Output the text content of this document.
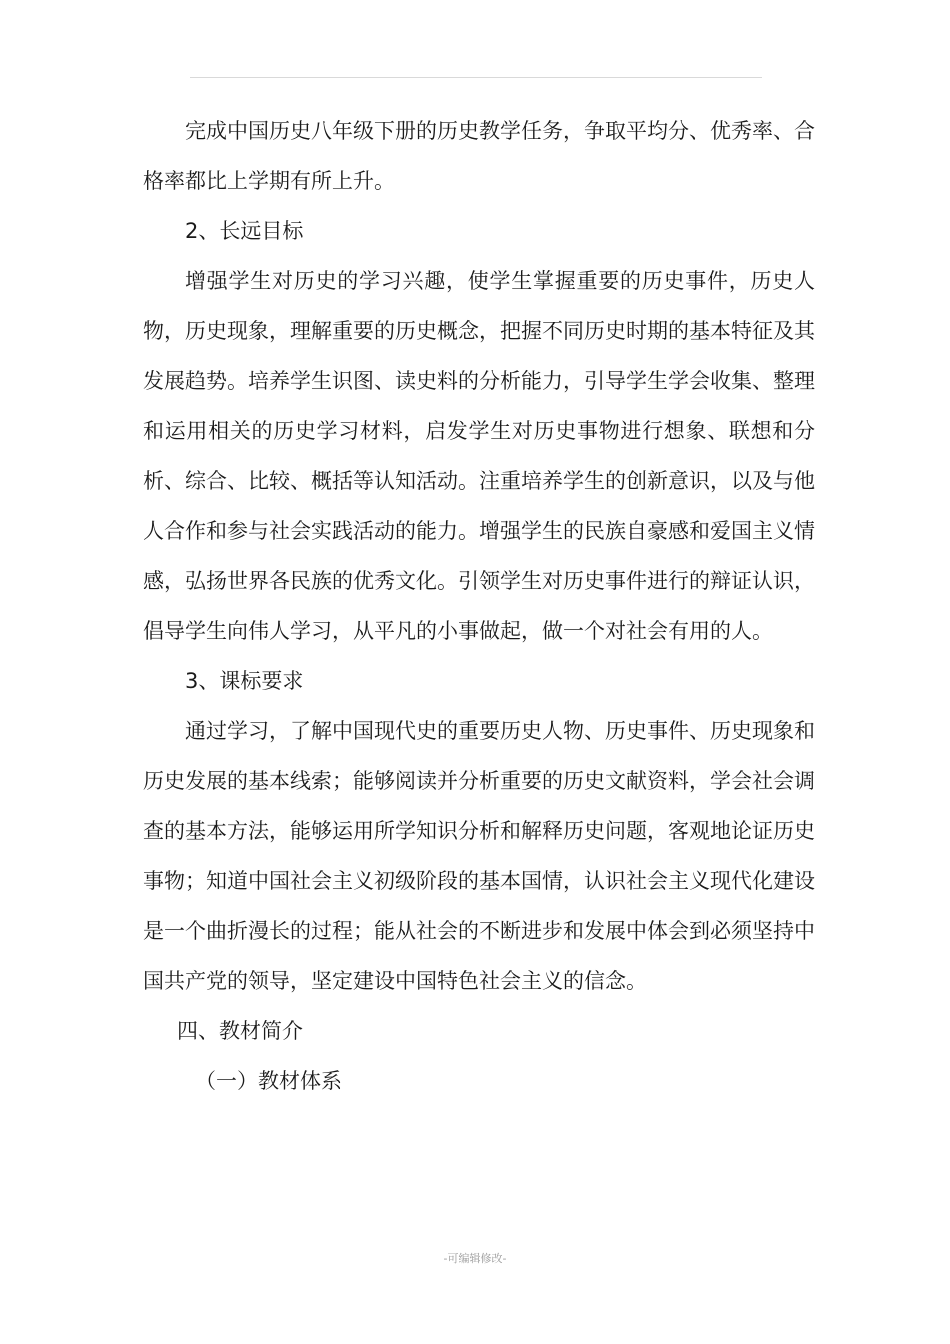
完成中国历史八年级下册的历史教学任务，争取平均分、优秀率、合格率都比上学期有所上升。

2、长远目标

增强学生对历史的学习兴趣，使学生掌握重要的历史事件，历史人物，历史现象，理解重要的历史概念，把握不同历史时期的基本特征及其发展趋势。培养学生识图、读史料的分析能力，引导学生学会收集、整理和运用相关的历史学习材料，启发学生对历史事物进行想象、联想和分析、综合、比较、概括等认知活动。注重培养学生的创新意识，以及与他人合作和参与社会实践活动的能力。增强学生的民族自豪感和爱国主义情感，弘扬世界各民族的优秀文化。引领学生对历史事件进行的辩证认识，倡导学生向伟人学习，从平凡的小事做起，做一个对社会有用的人。

3、课标要求

通过学习，了解中国现代史的重要历史人物、历史事件、历史现象和历史发展的基本线索；能够阅读并分析重要的历史文献资料，学会社会调查的基本方法，能够运用所学知识分析和解释历史问题，客观地论证历史事物；知道中国社会主义初级阶段的基本国情，认识社会主义现代化建设是一个曲折漫长的过程；能从社会的不断进步和发展中体会到必须坚持中国共产党的领导，坚定建设中国特色社会主义的信念。

四、教材简介

（一）教材体系

-可编辑修改-
